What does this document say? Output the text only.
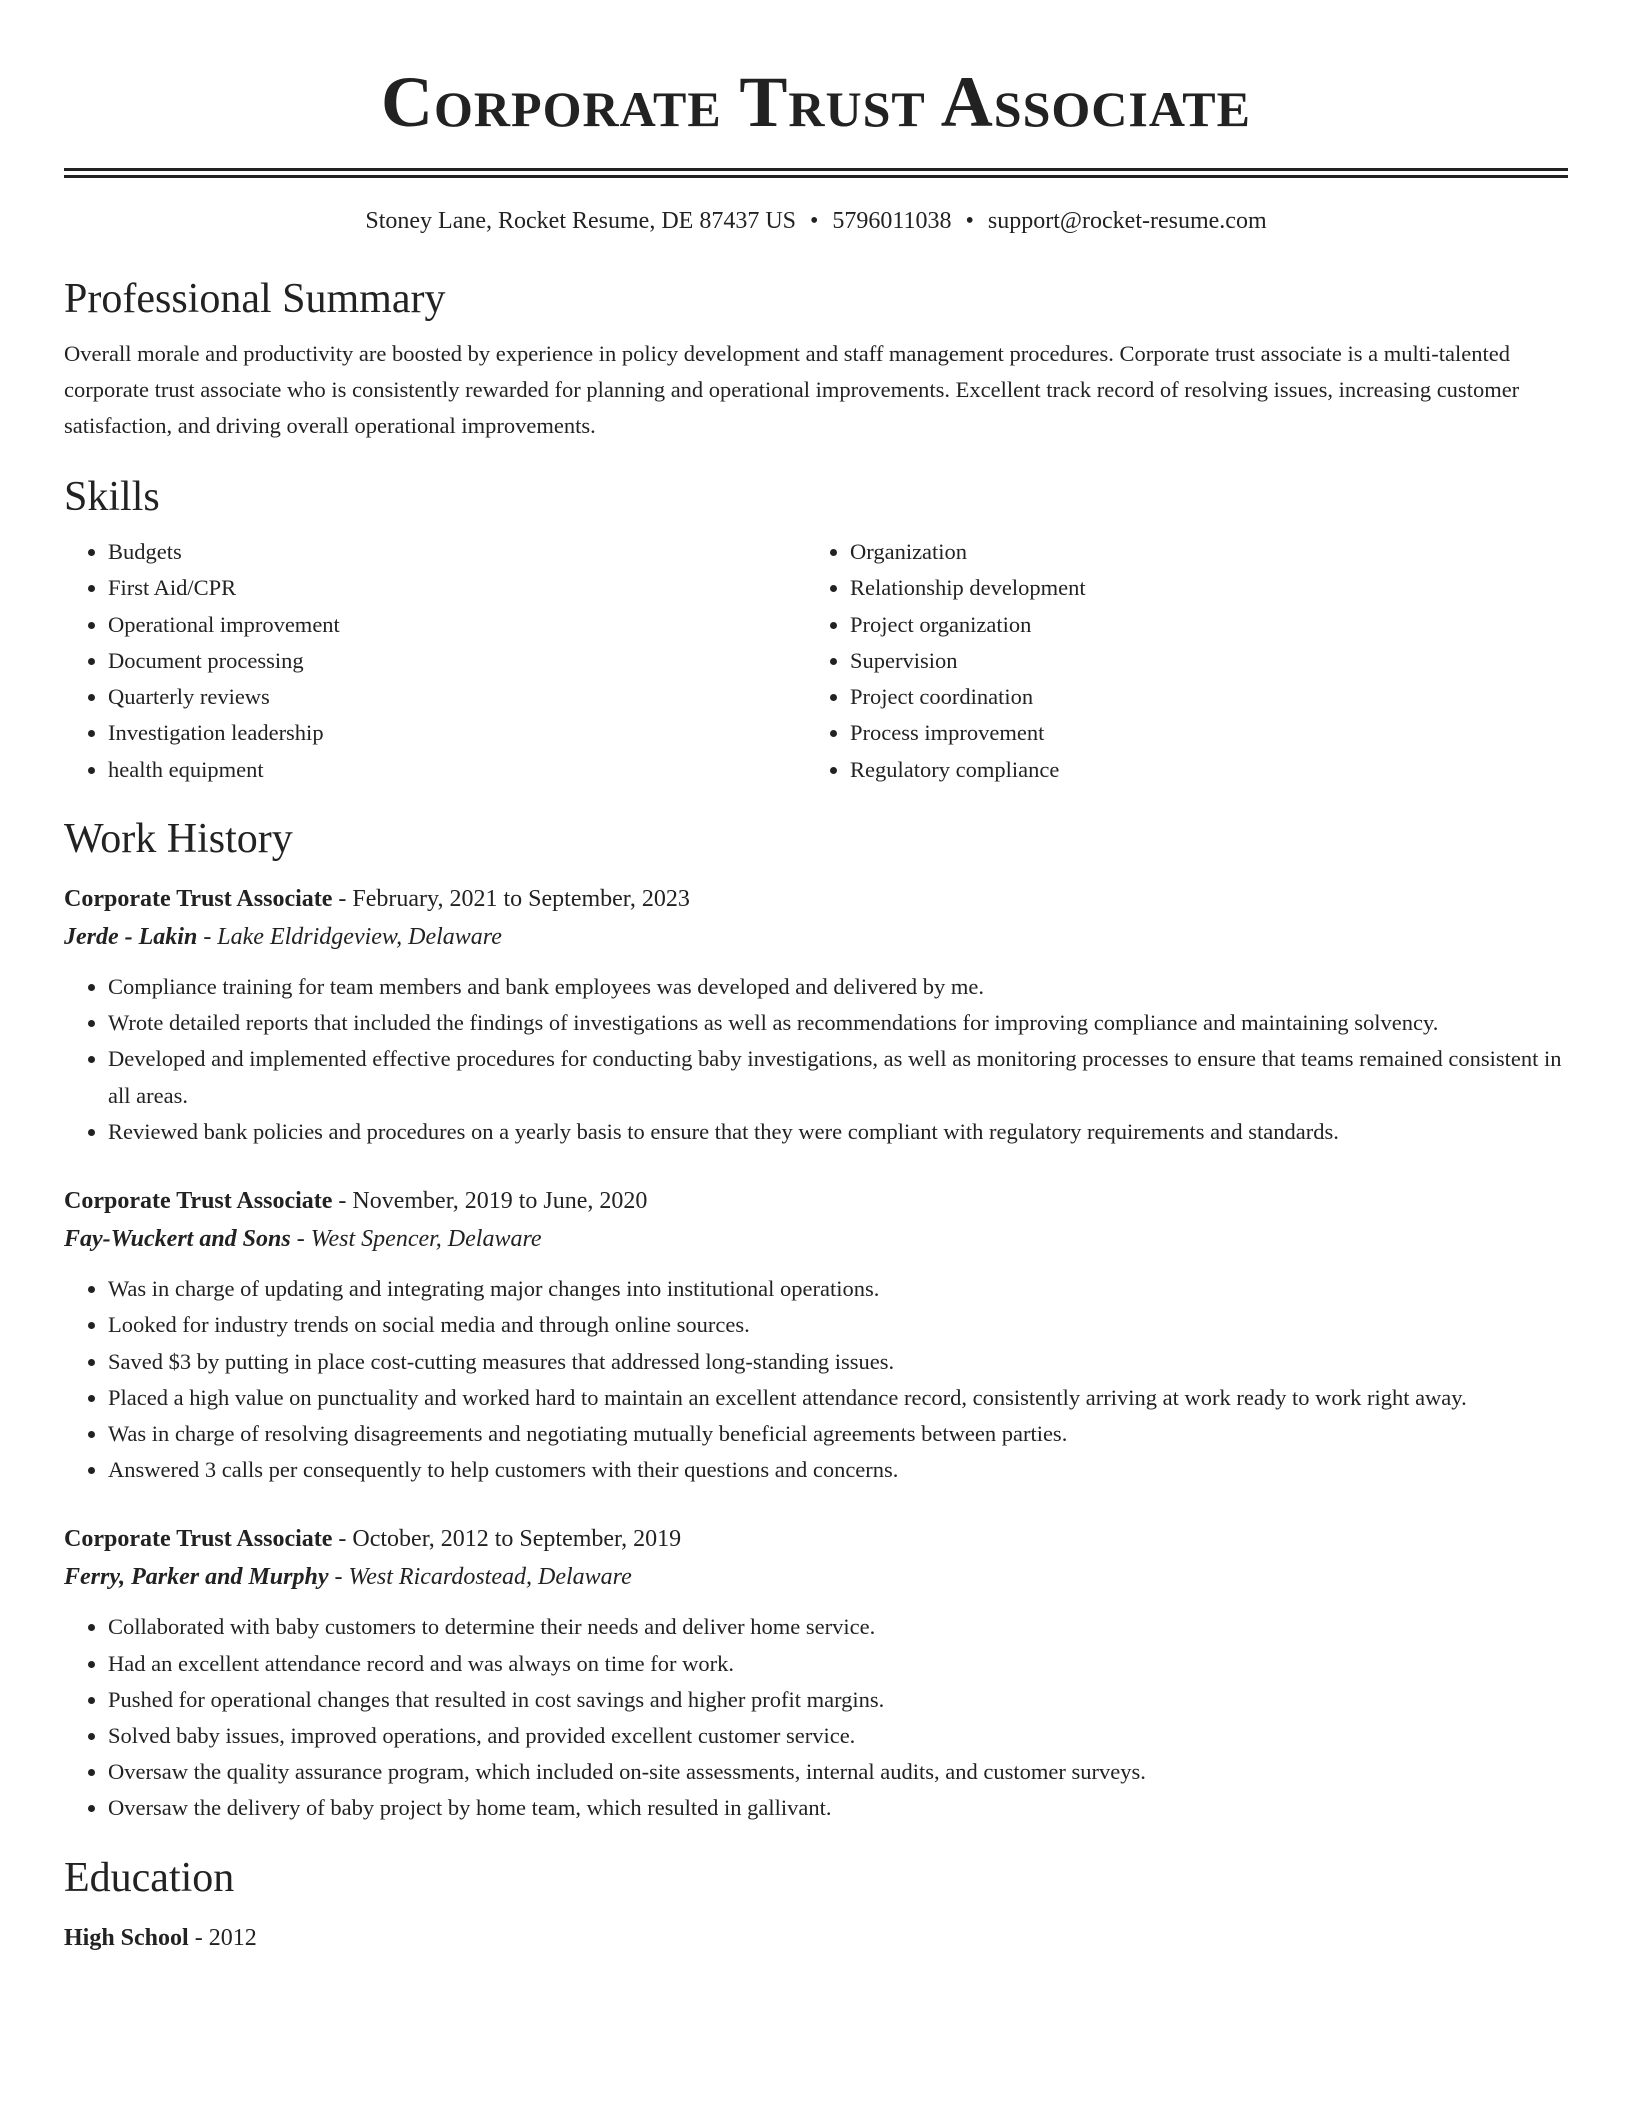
Corporate Trust Associate
Stoney Lane, Rocket Resume, DE 87437 US • 5796011038 • support@rocket-resume.com
Professional Summary

Overall morale and productivity are boosted by experience in policy development and staff management procedures. Corporate trust associate is a multi-talented corporate trust associate who is consistently rewarded for planning and operational improvements. Excellent track record of resolving issues, increasing customer satisfaction, and driving overall operational improvements.

Skills
• Budgets
• First Aid/CPR
• Operational improvement
• Document processing
• Quarterly reviews
• Investigation leadership
• health equipment
• Organization
• Relationship development
• Project organization
• Supervision
• Project coordination
• Process improvement
• Regulatory compliance
Work History
Corporate Trust Associate - February, 2021 to September, 2023
Jerde - Lakin - Lake Eldridgeview, Delaware
• Compliance training for team members and bank employees was developed and delivered by me.
• Wrote detailed reports that included the findings of investigations as well as recommendations for improving compliance and maintaining solvency.
• Developed and implemented effective procedures for conducting baby investigations, as well as monitoring processes to ensure that teams remained consistent in all areas.
• Reviewed bank policies and procedures on a yearly basis to ensure that they were compliant with regulatory requirements and standards.
Corporate Trust Associate - November, 2019 to June, 2020
Fay-Wuckert and Sons - West Spencer, Delaware
• Was in charge of updating and integrating major changes into institutional operations.
• Looked for industry trends on social media and through online sources.
• Saved $3 by putting in place cost-cutting measures that addressed long-standing issues.
• Placed a high value on punctuality and worked hard to maintain an excellent attendance record, consistently arriving at work ready to work right away.
• Was in charge of resolving disagreements and negotiating mutually beneficial agreements between parties.
• Answered 3 calls per consequently to help customers with their questions and concerns.
Corporate Trust Associate - October, 2012 to September, 2019
Ferry, Parker and Murphy - West Ricardostead, Delaware
• Collaborated with baby customers to determine their needs and deliver home service.
• Had an excellent attendance record and was always on time for work.
• Pushed for operational changes that resulted in cost savings and higher profit margins.
• Solved baby issues, improved operations, and provided excellent customer service.
• Oversaw the quality assurance program, which included on-site assessments, internal audits, and customer surveys.
• Oversaw the delivery of baby project by home team, which resulted in gallivant.
Education
High School - 2012
